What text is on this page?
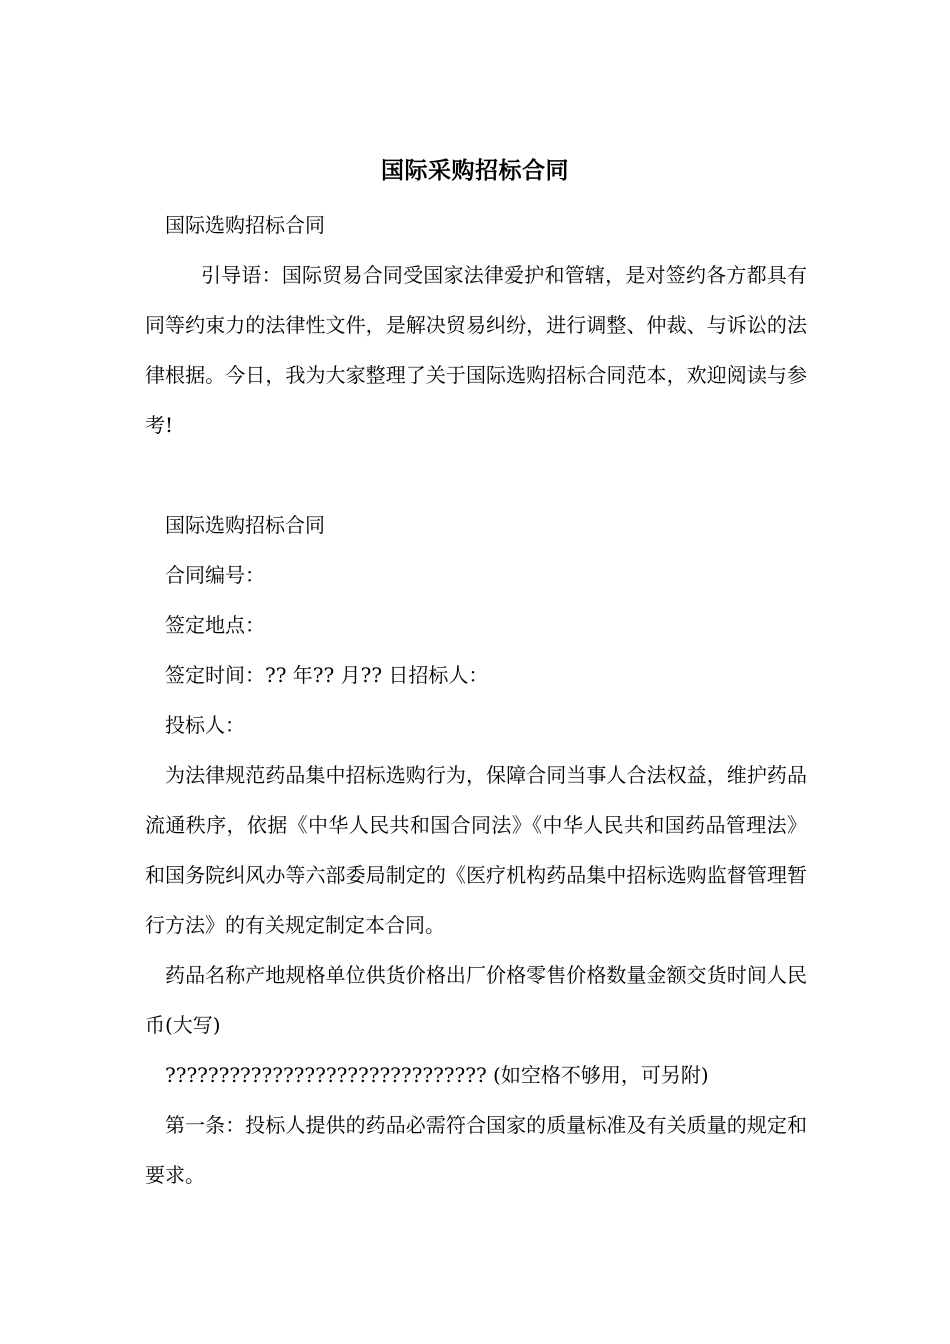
国际采购招标合同

国际选购招标合同

引导语：国际贸易合同受国家法律爱护和管辖，是对签约各方都具有同等约束力的法律性文件，是解决贸易纠纷，进行调整、仲裁、与诉讼的法律根据。今日，我为大家整理了关于国际选购招标合同范本，欢迎阅读与参考!

国际选购招标合同

合同编号：

签定地点：

签定时间：?? 年?? 月?? 日招标人：

投标人：

为法律规范药品集中招标选购行为，保障合同当事人合法权益，维护药品流通秩序，依据《中华人民共和国合同法》《中华人民共和国药品管理法》和国务院纠风办等六部委局制定的《医疗机构药品集中招标选购监督管理暂行方法》的有关规定制定本合同。

药品名称产地规格单位供货价格出厂价格零售价格数量金额交货时间人民币(大写)

?????????????????????????????? (如空格不够用，可另附)

第一条：投标人提供的药品必需符合国家的质量标准及有关质量的规定和要求。
